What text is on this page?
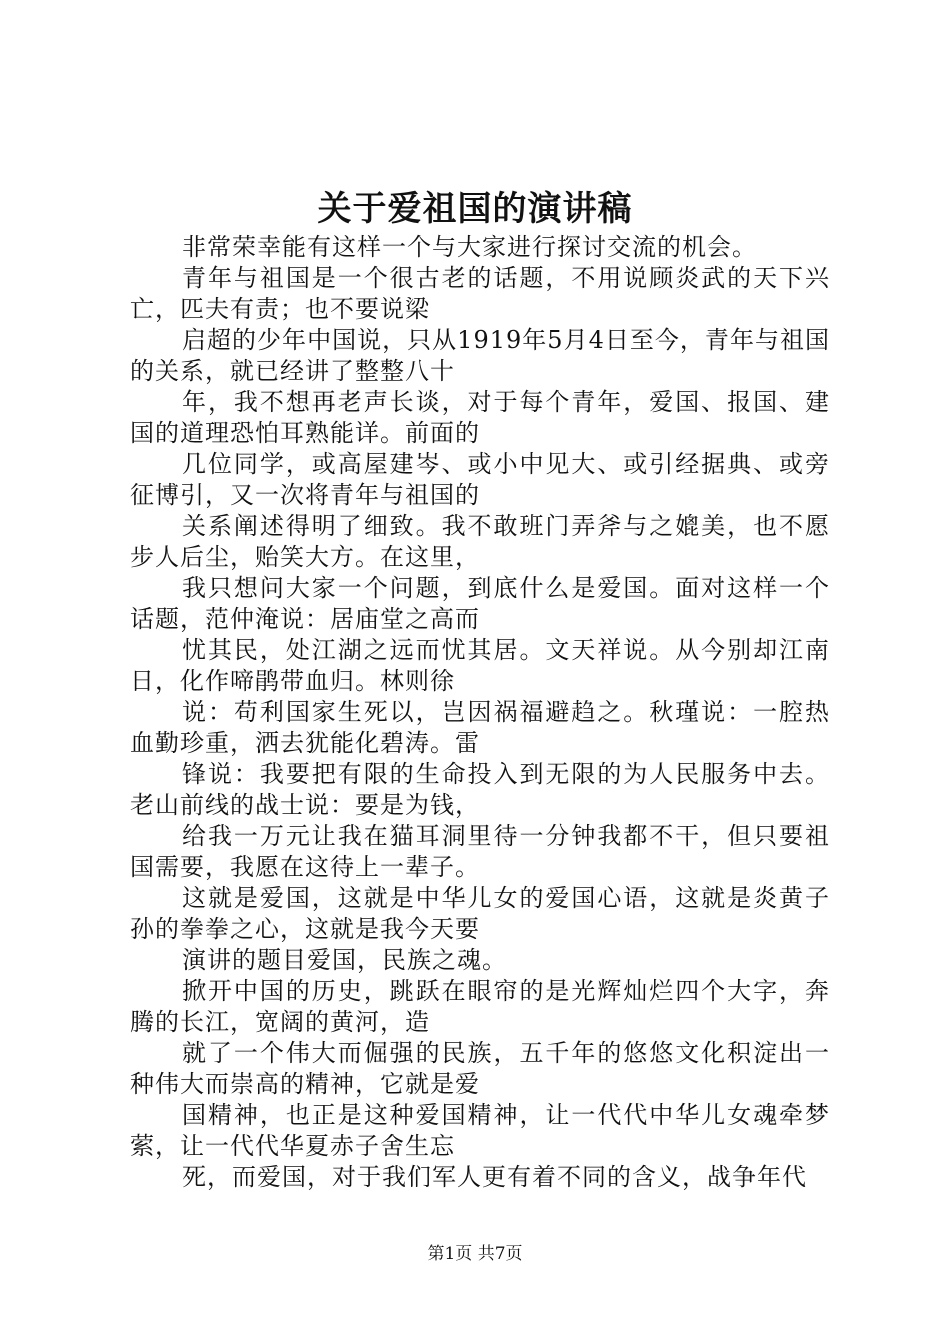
关于爱祖国的演讲稿

非常荣幸能有这样一个与大家进行探讨交流的机会。

青年与祖国是一个很古老的话题，不用说顾炎武的天下兴亡，匹夫有责；也不要说梁

启超的少年中国说，只从1919年5月4日至今，青年与祖国的关系，就已经讲了整整八十

年，我不想再老声长谈，对于每个青年，爱国、报国、建国的道理恐怕耳熟能详。前面的

几位同学，或高屋建岑、或小中见大、或引经据典、或旁征博引，又一次将青年与祖国的

关系阐述得明了细致。我不敢班门弄斧与之媲美，也不愿步人后尘，贻笑大方。在这里，

我只想问大家一个问题，到底什么是爱国。面对这样一个话题，范仲淹说：居庙堂之高而

忧其民，处江湖之远而忧其居。文天祥说。从今别却江南日，化作啼鹃带血归。林则徐

说：苟利国家生死以，岂因祸福避趋之。秋瑾说：一腔热血勤珍重，洒去犹能化碧涛。雷

锋说：我要把有限的生命投入到无限的为人民服务中去。老山前线的战士说：要是为钱，

给我一万元让我在猫耳洞里待一分钟我都不干，但只要祖国需要，我愿在这待上一辈子。

这就是爱国，这就是中华儿女的爱国心语，这就是炎黄子孙的拳拳之心，这就是我今天要

演讲的题目爱国，民族之魂。

掀开中国的历史，跳跃在眼帘的是光辉灿烂四个大字，奔腾的长江，宽阔的黄河，造

就了一个伟大而倔强的民族，五千年的悠悠文化积淀出一种伟大而崇高的精神，它就是爱

国精神，也正是这种爱国精神，让一代代中华儿女魂牵梦萦，让一代代华夏赤子舍生忘

死，而爱国，对于我们军人更有着不同的含义，战争年代

第1页 共7页
